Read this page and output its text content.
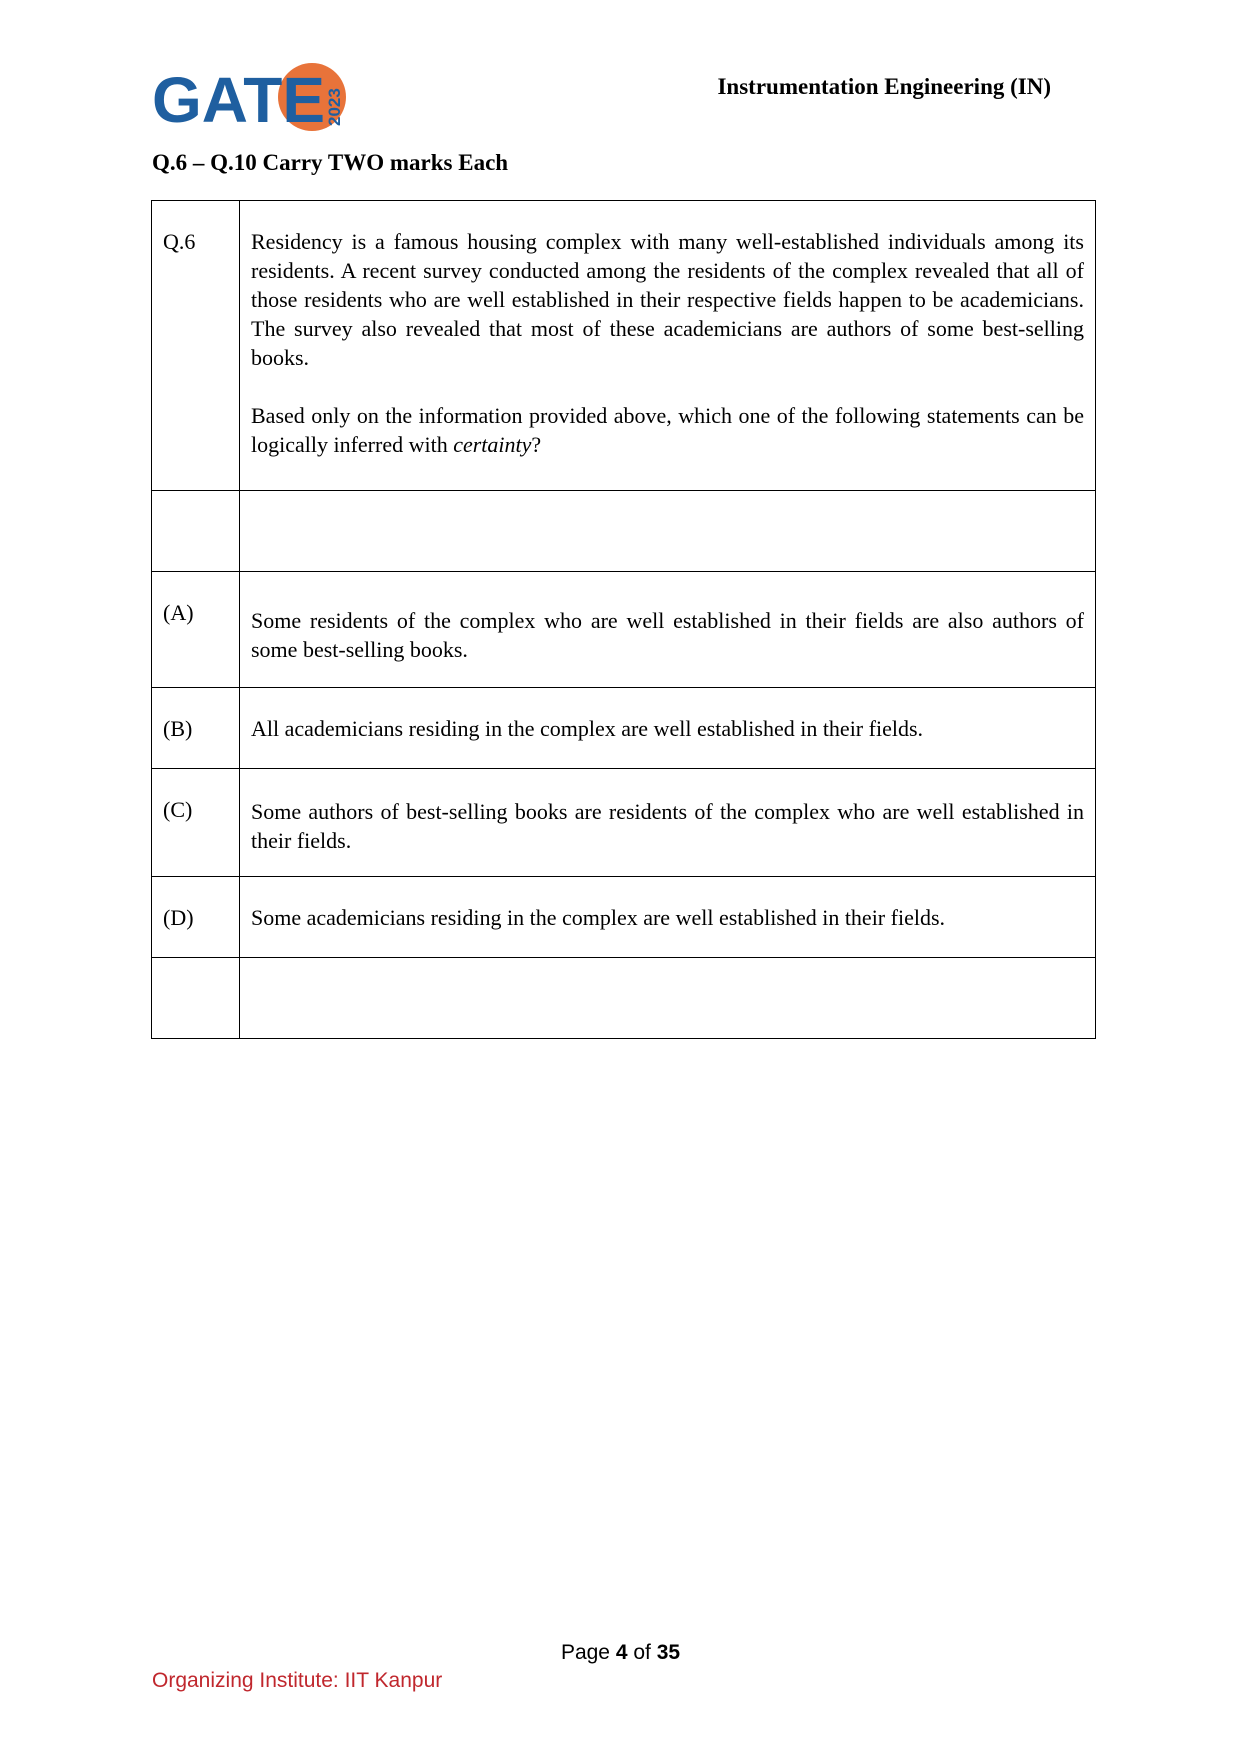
GATE 2023
Instrumentation Engineering (IN)
Q.6 – Q.10 Carry TWO marks Each
Q.6	Residency is a famous housing complex with many well-established individuals among its residents. A recent survey conducted among the residents of the complex revealed that all of those residents who are well established in their respective fields happen to be academicians. The survey also revealed that most of these academicians are authors of some best-selling books.

Based only on the information provided above, which one of the following statements can be logically inferred with certainty?

(A)	Some residents of the complex who are well established in their fields are also authors of some best-selling books.
(B)	All academicians residing in the complex are well established in their fields.
(C)	Some authors of best-selling books are residents of the complex who are well established in their fields.
(D)	Some academicians residing in the complex are well established in their fields.

Page 4 of 35
Organizing Institute: IIT Kanpur
